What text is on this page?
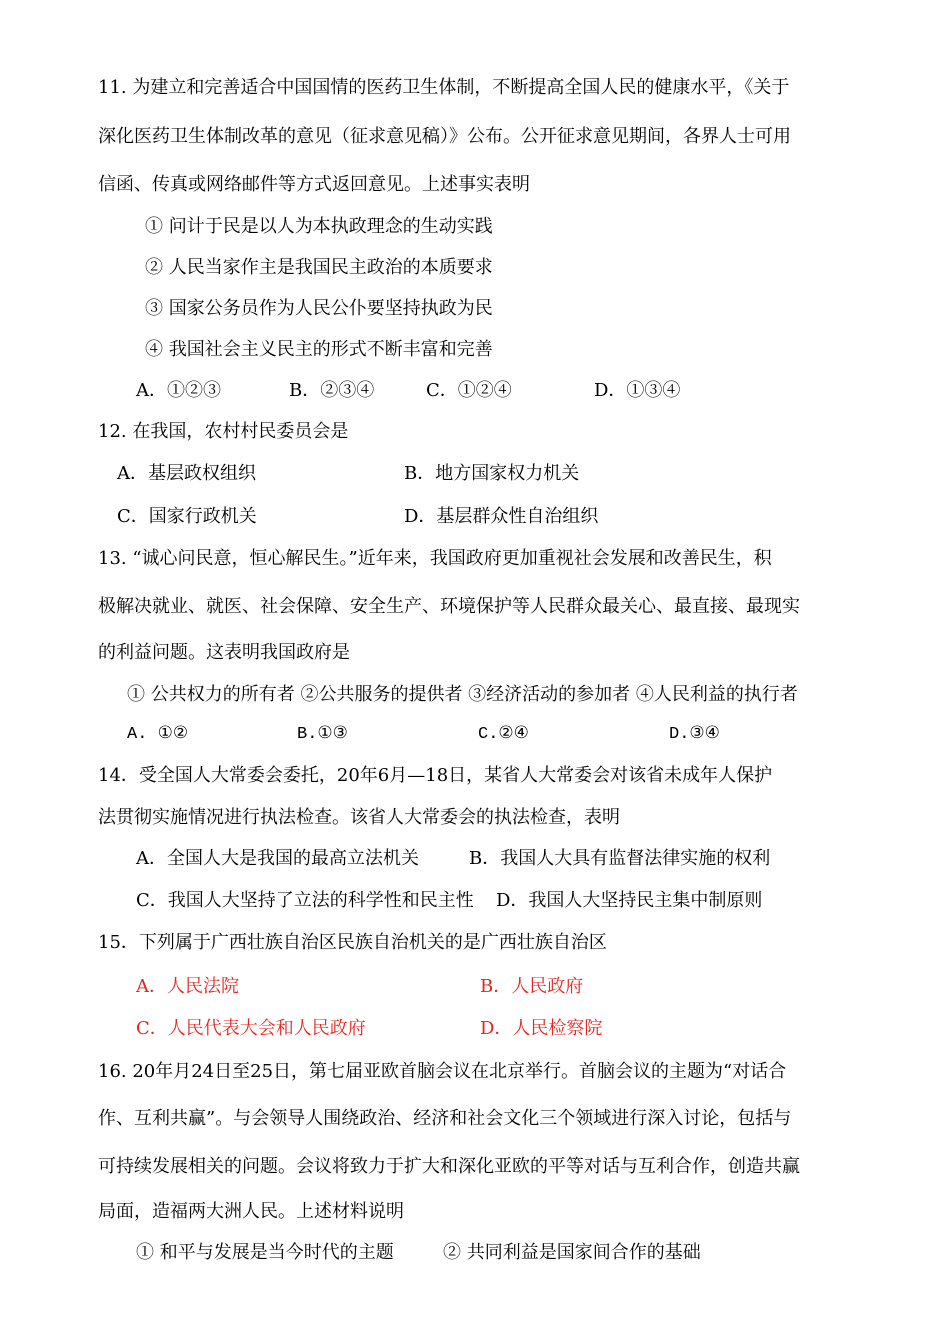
11. 为建立和完善适合中国国情的医药卫生体制，不断提高全国人民的健康水平，《关于
深化医药卫生体制改革的意见（征求意见稿）》公布。公开征求意见期间，各界人士可用
信函、传真或网络邮件等方式返回意见。上述事实表明
① 问计于民是以人为本执政理念的生动实践
② 人民当家作主是我国民主政治的本质要求
③ 国家公务员作为人民公仆要坚持执政为民
④ 我国社会主义民主的形式不断丰富和完善
A．①②③	B．②③④	C．①②④	D．①③④
12. 在我国，农村村民委员会是
A．基层政权组织	B．地方国家权力机关
C．国家行政机关	D．基层群众性自治组织
13. “诚心问民意，恒心解民生。”近年来，我国政府更加重视社会发展和改善民生，积
极解决就业、就医、社会保障、安全生产、环境保护等人民群众最关心、最直接、最现实
的利益问题。这表明我国政府是
① 公共权力的所有者 ②公共服务的提供者 ③经济活动的参加者 ④人民利益的执行者
A. ①②	B.①③	C.②④	D.③④
14．受全国人大常委会委托，20年6月—18日，某省人大常委会对该省未成年人保护
法贯彻实施情况进行执法检查。该省人大常委会的执法检查，表明
A．全国人大是我国的最高立法机关	B．我国人大具有监督法律实施的权利
C．我国人大坚持了立法的科学性和民主性 D．我国人大坚持民主集中制原则
15．下列属于广西壮族自治区民族自治机关的是广西壮族自治区
A．人民法院	B．人民政府
C．人民代表大会和人民政府	D．人民检察院
16. 20年月24日至25日，第七届亚欧首脑会议在北京举行。首脑会议的主题为“对话合
作、互利共赢”。与会领导人围绕政治、经济和社会文化三个领域进行深入讨论，包括与
可持续发展相关的问题。会议将致力于扩大和深化亚欧的平等对话与互利合作，创造共赢
局面，造福两大洲人民。上述材料说明
① 和平与发展是当今时代的主题	② 共同利益是国家间合作的基础
